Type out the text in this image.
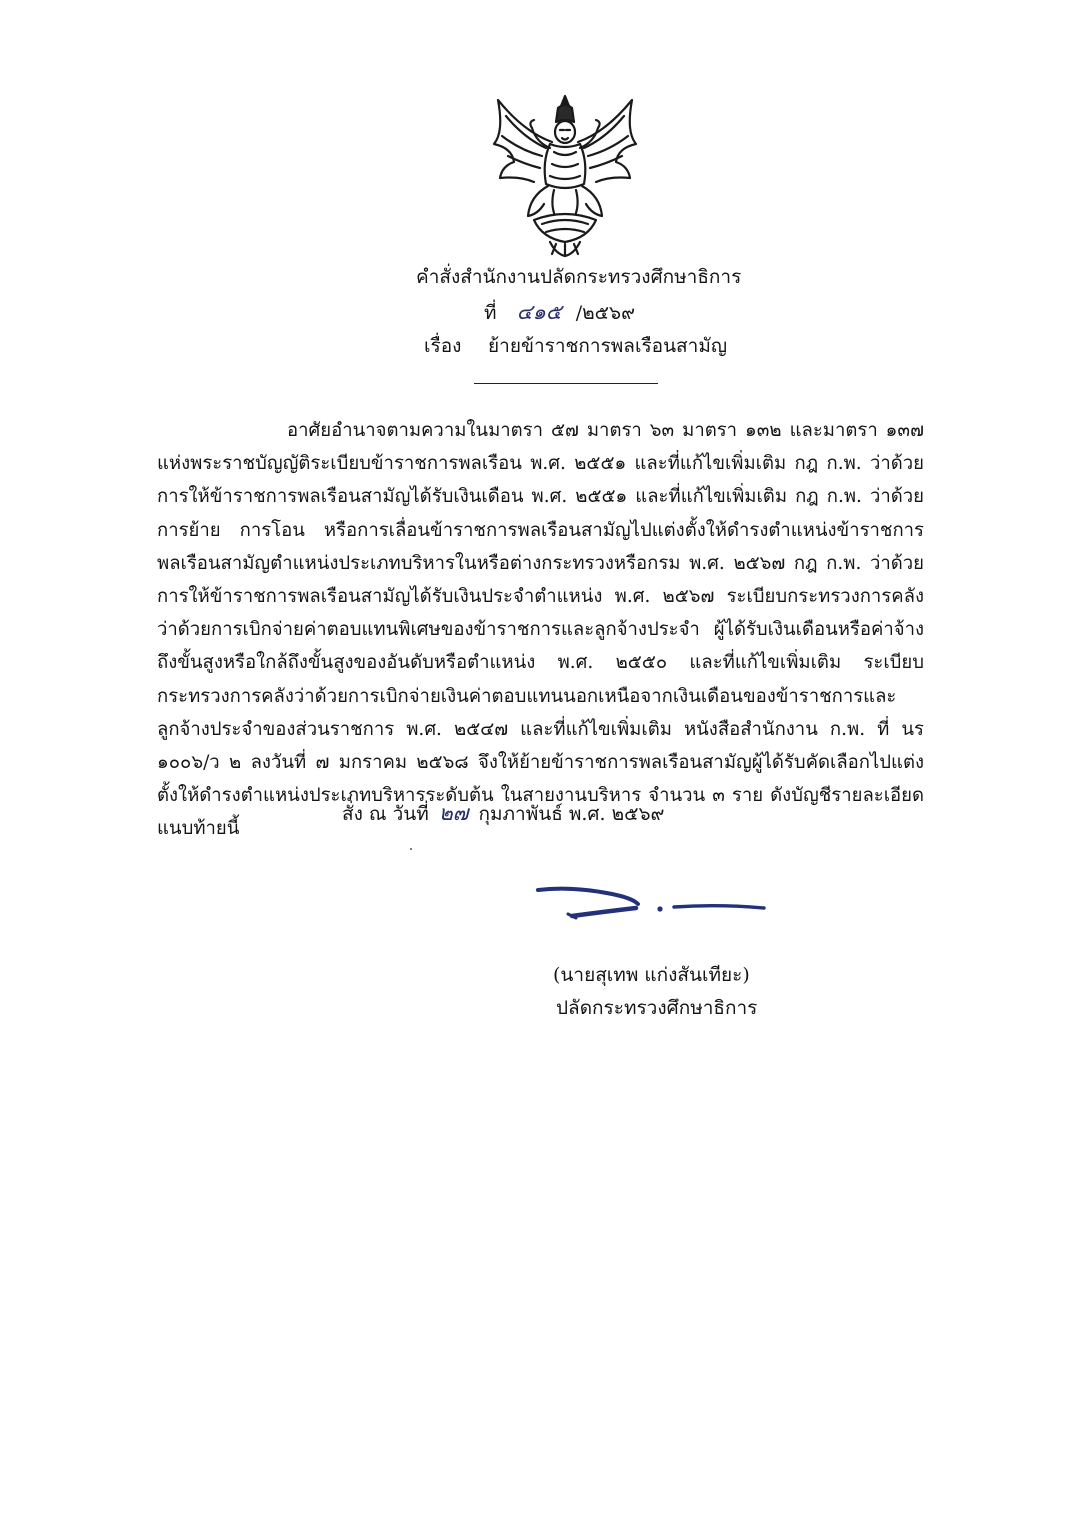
คำสั่งสำนักงานปลัดกระทรวงศึกษาธิการ
ที่ ๔๑๕ /๒๕๖๙
เรื่อง ย้ายข้าราชการพลเรือนสามัญ

อาศัยอำนาจตามความในมาตรา ๕๗ มาตรา ๖๓ มาตรา ๑๓๒ และมาตรา ๑๓๗ แห่งพระราชบัญญัติระเบียบข้าราชการพลเรือน พ.ศ. ๒๕๕๑ และที่แก้ไขเพิ่มเติม กฎ ก.พ. ว่าด้วยการให้ข้าราชการพลเรือนสามัญได้รับเงินเดือน พ.ศ. ๒๕๕๑ และที่แก้ไขเพิ่มเติม กฎ ก.พ. ว่าด้วยการย้าย การโอน หรือการเลื่อนข้าราชการพลเรือนสามัญไปแต่งตั้งให้ดำรงตำแหน่งข้าราชการพลเรือนสามัญตำแหน่งประเภทบริหารในหรือต่างกระทรวงหรือกรม พ.ศ. ๒๕๖๗ กฎ ก.พ. ว่าด้วยการให้ข้าราชการพลเรือนสามัญได้รับเงินประจำตำแหน่ง พ.ศ. ๒๕๖๗ ระเบียบกระทรวงการคลังว่าด้วยการเบิกจ่ายค่าตอบแทนพิเศษของข้าราชการและลูกจ้างประจำ ผู้ได้รับเงินเดือนหรือค่าจ้างถึงขั้นสูงหรือใกล้ถึงขั้นสูงของอันดับหรือตำแหน่ง พ.ศ. ๒๕๕๐ และที่แก้ไขเพิ่มเติม ระเบียบกระทรวงการคลังว่าด้วยการเบิกจ่ายเงินค่าตอบแทนนอกเหนือจากเงินเดือนของข้าราชการและลูกจ้างประจำของส่วนราชการ พ.ศ. ๒๕๔๗ และที่แก้ไขเพิ่มเติม หนังสือสำนักงาน ก.พ. ที่ นร ๑๐๐๖/ว ๒ ลงวันที่ ๗ มกราคม ๒๕๖๘ จึงให้ย้ายข้าราชการพลเรือนสามัญผู้ได้รับคัดเลือกไปแต่งตั้งให้ดำรงตำแหน่งประเภทบริหารระดับต้น ในสายงานบริหาร จำนวน ๓ ราย ดังบัญชีรายละเอียดแนบท้ายนี้

สั่ง ณ วันที่ ๒๗ กุมภาพันธ์ พ.ศ. ๒๕๖๙
(นายสุเทพ แก่งสันเทียะ)
ปลัดกระทรวงศึกษาธิการ
